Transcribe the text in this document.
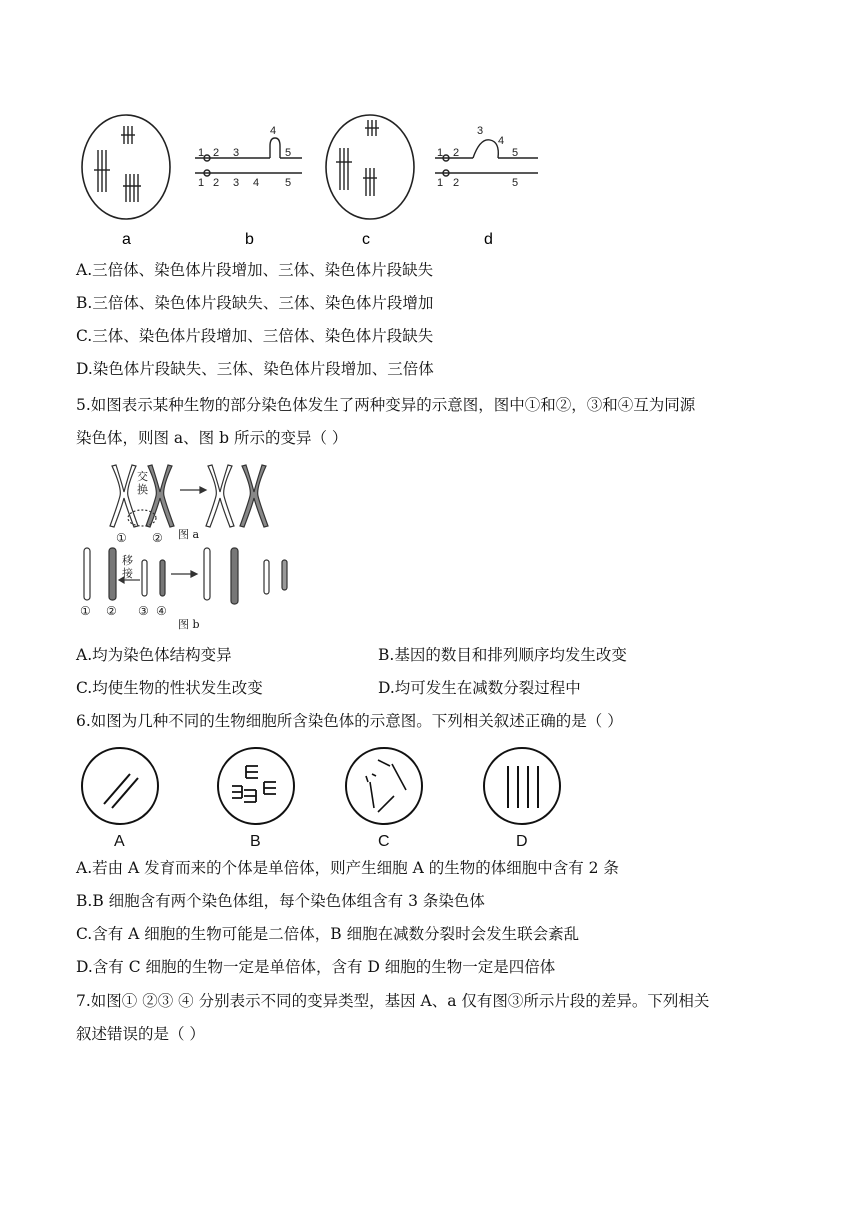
a
1 2 3
4
5
1 2 3 4 5
b	c
1 2
3
4
5
1 2	5
d
A.三倍体、染色体片段增加、三体、染色体片段缺失
B.三倍体、染色体片段缺失、三体、染色体片段增加
C.三体、染色体片段增加、三倍体、染色体片段缺失
D.染色体片段缺失、三体、染色体片段增加、三倍体
5.如图表示某种生物的部分染色体发生了两种变异的示意图，图中①和②，③和④互为同源
染色体，则图 a、图 b 所示的变异（ ）
交
换
① ② 图 a
移
接
① ② ③ ④
图 b
A.均为染色体结构变异	B.基因的数目和排列顺序均发生改变
C.均使生物的性状发生改变	D.均可发生在减数分裂过程中
6.如图为几种不同的生物细胞所含染色体的示意图。下列相关叙述正确的是（ ）
A	B	C	D
A.若由 A 发育而来的个体是单倍体，则产生细胞 A 的生物的体细胞中含有 2 条
B.B 细胞含有两个染色体组，每个染色体组含有 3 条染色体
C.含有 A 细胞的生物可能是二倍体，B 细胞在减数分裂时会发生联会紊乱
D.含有 C 细胞的生物一定是单倍体，含有 D 细胞的生物一定是四倍体
7.如图① ②③ ④ 分别表示不同的变异类型，基因 A、a 仅有图③所示片段的差异。下列相关
叙述错误的是（ ）
